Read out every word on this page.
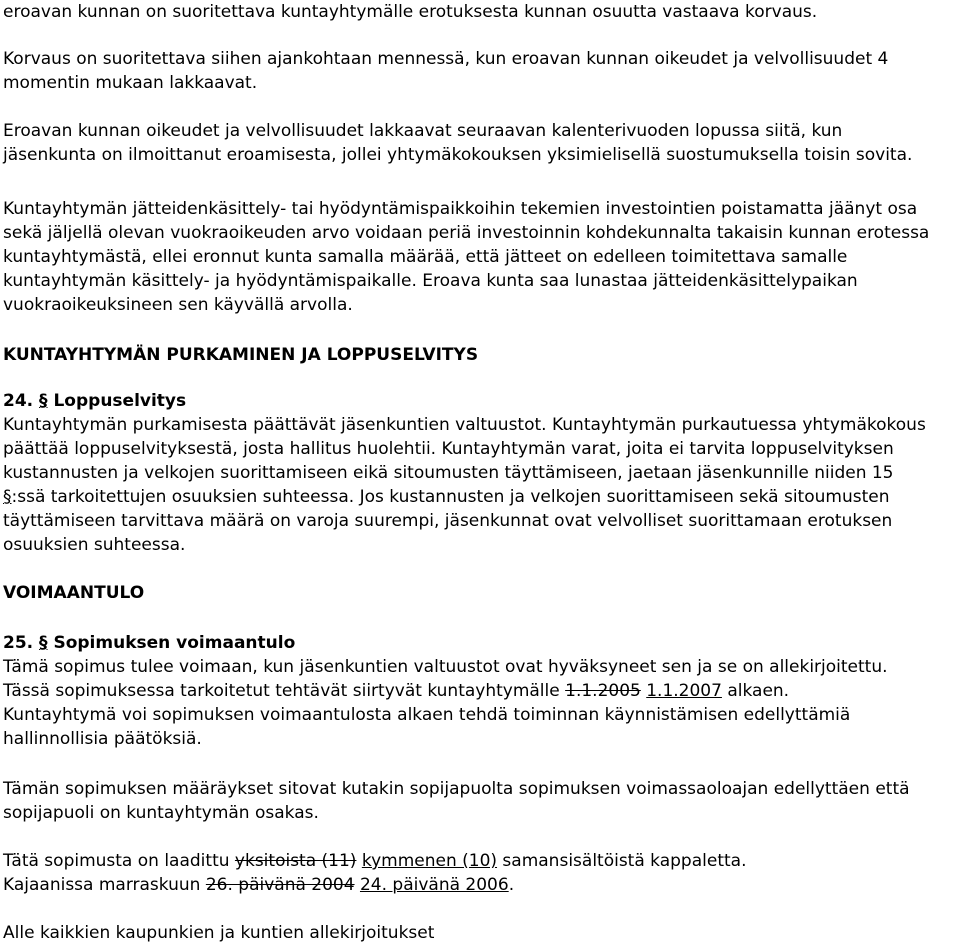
eroavan kunnan on suoritettava kuntayhtymälle erotuksesta kunnan osuutta vastaava korvaus.

Korvaus on suoritettava siihen ajankohtaan mennessä, kun eroavan kunnan oikeudet ja velvollisuudet 4
momentin mukaan lakkaavat.

Eroavan kunnan oikeudet ja velvollisuudet lakkaavat seuraavan kalenterivuoden lopussa siitä, kun
jäsenkunta on ilmoittanut eroamisesta, jollei yhtymäkokouksen yksimielisellä suostumuksella toisin sovita.

Kuntayhtymän jätteidenkäsittely- tai hyödyntämispaikkoihin tekemien investointien poistamatta jäänyt osa
sekä jäljellä olevan vuokraoikeuden arvo voidaan periä investoinnin kohdekunnalta takaisin kunnan erotessa
kuntayhtymästä, ellei eronnut kunta samalla määrää, että jätteet on edelleen toimitettava samalle
kuntayhtymän käsittely- ja hyödyntämispaikalle. Eroava kunta saa lunastaa jätteidenkäsittelypaikan
vuokraoikeuksineen sen käyvällä arvolla.

KUNTAYHTYMÄN PURKAMINEN JA LOPPUSELVITYS

24. § Loppuselvitys
Kuntayhtymän purkamisesta päättävät jäsenkuntien valtuustot. Kuntayhtymän purkautuessa yhtymäkokous
päättää loppuselvityksestä, josta hallitus huolehtii. Kuntayhtymän varat, joita ei tarvita loppuselvityksen
kustannusten ja velkojen suorittamiseen eikä sitoumusten täyttämiseen, jaetaan jäsenkunnille niiden 15
§:ssä tarkoitettujen osuuksien suhteessa. Jos kustannusten ja velkojen suorittamiseen sekä sitoumusten
täyttämiseen tarvittava määrä on varoja suurempi, jäsenkunnat ovat velvolliset suorittamaan erotuksen
osuuksien suhteessa.

VOIMAANTULO

25. § Sopimuksen voimaantulo
Tämä sopimus tulee voimaan, kun jäsenkuntien valtuustot ovat hyväksyneet sen ja se on allekirjoitettu.
Tässä sopimuksessa tarkoitetut tehtävät siirtyvät kuntayhtymälle 1.1.2005 1.1.2007 alkaen.
Kuntayhtymä voi sopimuksen voimaantulosta alkaen tehdä toiminnan käynnistämisen edellyttämiä
hallinnollisia päätöksiä.

Tämän sopimuksen määräykset sitovat kutakin sopijapuolta sopimuksen voimassaoloajan edellyttäen että
sopijapuoli on kuntayhtymän osakas.

Tätä sopimusta on laadittu yksitoista (11) kymmenen (10) samansisältöistä kappaletta.
Kajaanissa marraskuun 26. päivänä 2004 24. päivänä 2006.

Alle kaikkien kaupunkien ja kuntien allekirjoitukset
